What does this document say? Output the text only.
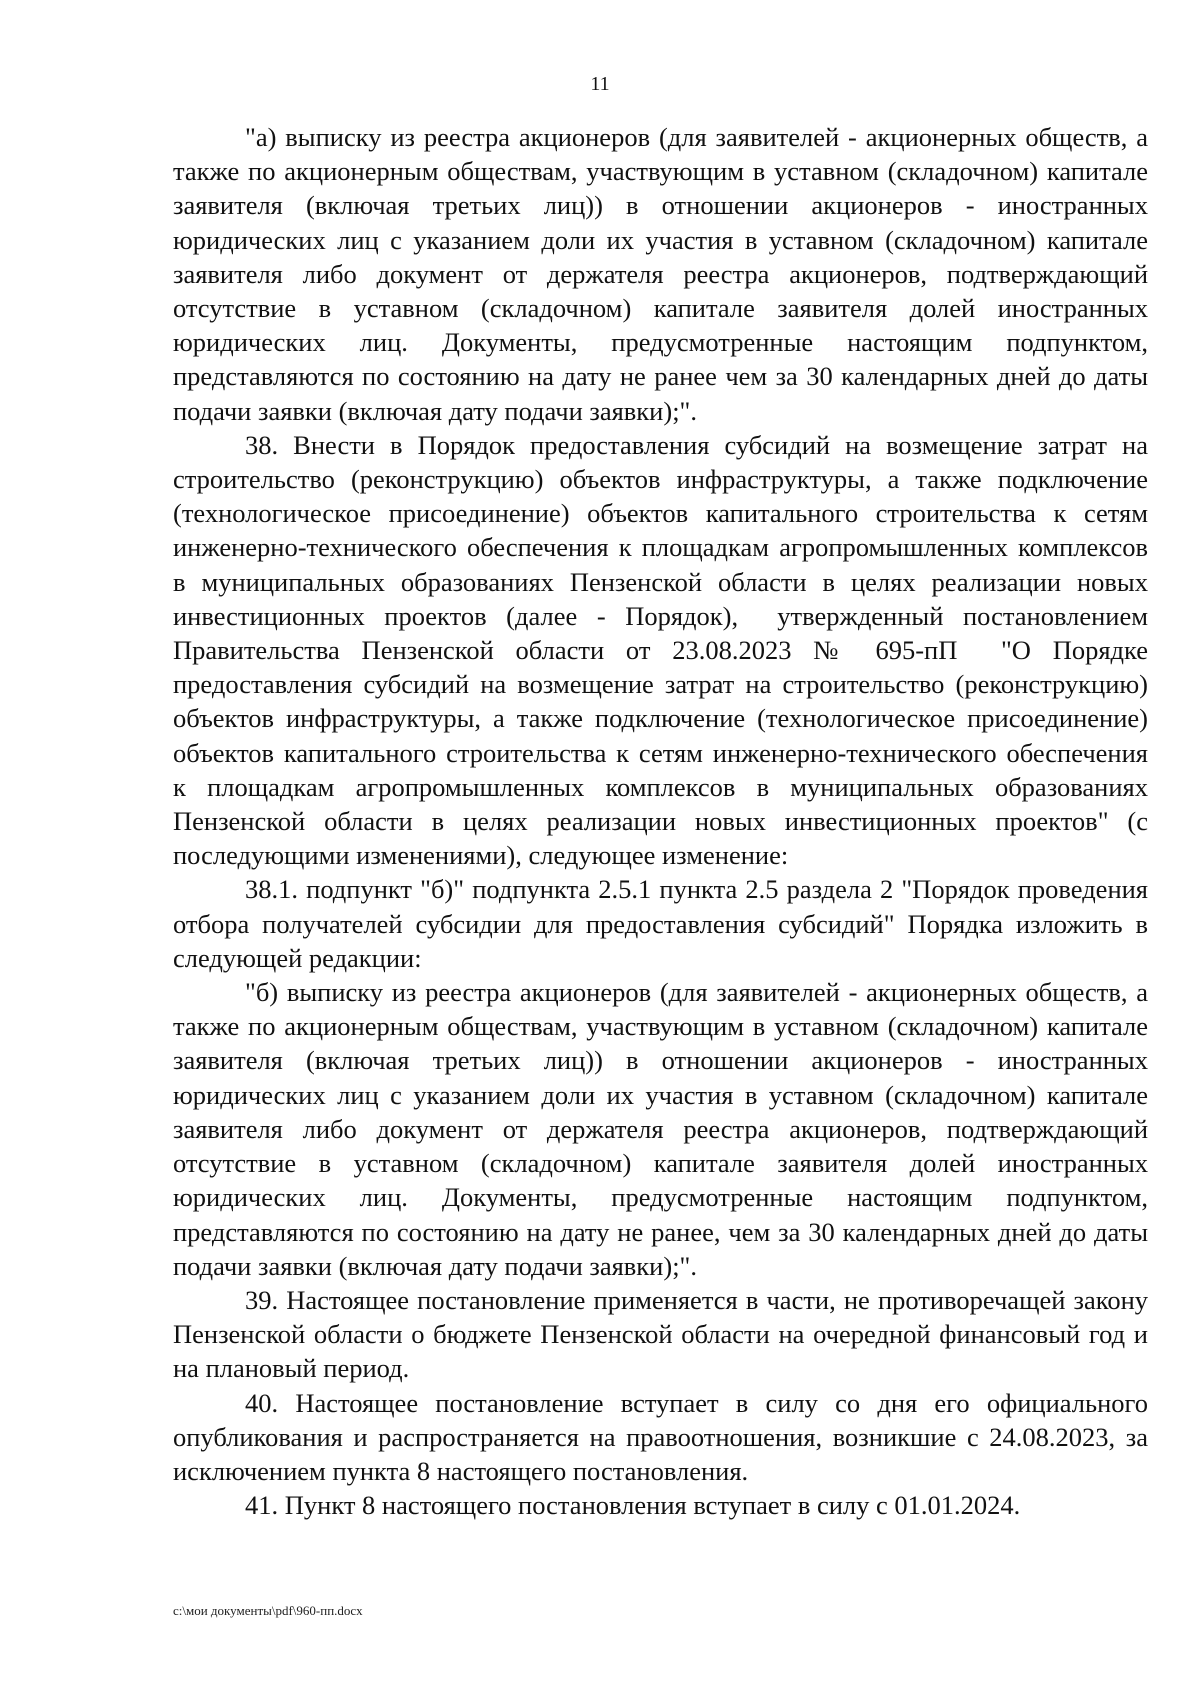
11

"а) выписку из реестра акционеров (для заявителей - акционерных обществ, а также по акционерным обществам, участвующим в уставном (складочном) капитале заявителя (включая третьих лиц)) в отношении акционеров - иностранных юридических лиц с указанием доли их участия в уставном (складочном) капитале заявителя либо документ от держателя реестра акционеров, подтверждающий отсутствие в уставном (складочном) капитале заявителя долей иностранных юридических лиц. Документы, предусмотренные настоящим подпунктом, представляются по состоянию на дату не ранее чем за 30 календарных дней до даты подачи заявки (включая дату подачи заявки);".

38. Внести в Порядок предоставления субсидий на возмещение затрат на строительство (реконструкцию) объектов инфраструктуры, а также подключение (технологическое присоединение) объектов капитального строительства к сетям инженерно-технического обеспечения к площадкам агропромышленных комплексов в муниципальных образованиях Пензенской области в целях реализации новых инвестиционных проектов (далее - Порядок),  утвержденный постановлением Правительства Пензенской области от 23.08.2023 № 695-пП  "О Порядке предоставления субсидий на возмещение затрат на строительство (реконструкцию) объектов инфраструктуры, а также подключение (технологическое присоединение) объектов капитального строительства к сетям инженерно-технического обеспечения к площадкам агропромышленных комплексов в муниципальных образованиях Пензенской области в целях реализации новых инвестиционных проектов" (с последующими изменениями), следующее изменение:

38.1. подпункт "б)" подпункта 2.5.1 пункта 2.5 раздела 2 "Порядок проведения отбора получателей субсидии для предоставления субсидий" Порядка изложить в следующей редакции:

"б) выписку из реестра акционеров (для заявителей - акционерных обществ, а также по акционерным обществам, участвующим в уставном (складочном) капитале заявителя (включая третьих лиц)) в отношении акционеров - иностранных юридических лиц с указанием доли их участия в уставном (складочном) капитале заявителя либо документ от держателя реестра акционеров, подтверждающий отсутствие в уставном (складочном) капитале заявителя долей иностранных юридических лиц. Документы, предусмотренные настоящим подпунктом, представляются по состоянию на дату не ранее, чем за 30 календарных дней до даты подачи заявки (включая дату подачи заявки);".

39. Настоящее постановление применяется в части, не противоречащей закону Пензенской области о бюджете Пензенской области на очередной финансовый год и на плановый период.

40. Настоящее постановление вступает в силу со дня его официального опубликования и распространяется на правоотношения, возникшие с 24.08.2023, за исключением пункта 8 настоящего постановления.

41. Пункт 8 настоящего постановления вступает в силу с 01.01.2024.

c:\мои документы\pdf\960-пп.docx
